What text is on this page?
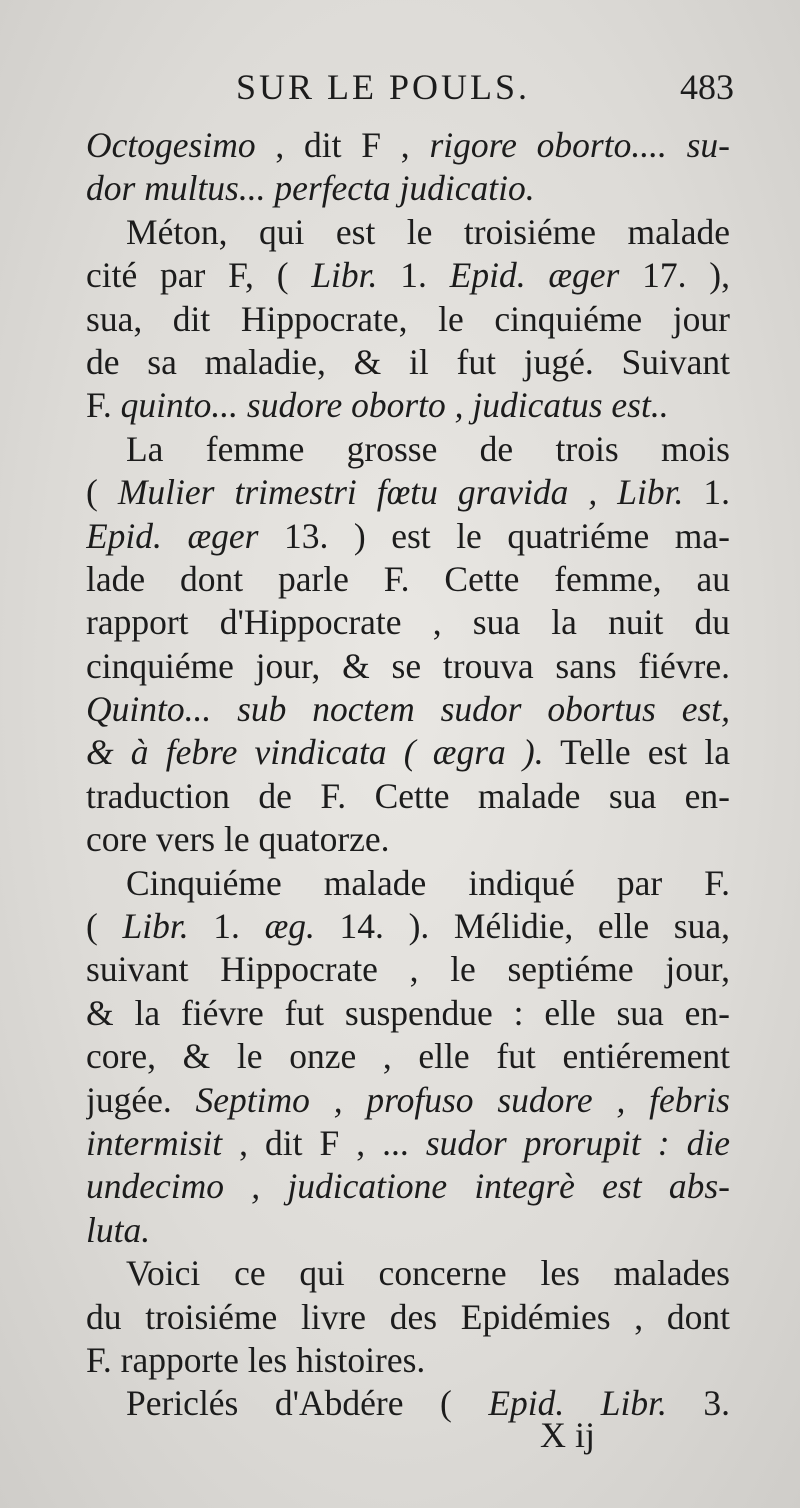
SUR LE POULS.	483
Octogesimo , dit F , rigore oborto.... su-
dor multus... perfecta judicatio.
Méton, qui est le troisiéme malade
cité par F, ( Libr. 1. Epid. æger 17. ),
sua, dit Hippocrate, le cinquiéme jour
de sa maladie, & il fut jugé. Suivant
F. quinto... sudore oborto , judicatus est..
La femme grosse de trois mois
( Mulier trimestri fœtu gravida , Libr. 1.
Epid. æger 13. ) est le quatriéme ma-
lade dont parle F. Cette femme, au
rapport d'Hippocrate , sua la nuit du
cinquiéme jour, & se trouva sans fiévre.
Quinto... sub noctem sudor obortus est,
& à febre vindicata ( ægra ). Telle est la
traduction de F. Cette malade sua en-
core vers le quatorze.
Cinquiéme malade indiqué par F.
( Libr. 1. æg. 14. ). Mélidie, elle sua,
suivant Hippocrate , le septiéme jour,
& la fiévre fut suspendue : elle sua en-
core, & le onze , elle fut entiérement
jugée. Septimo , profuso sudore , febris
intermisit , dit F , ... sudor prorupit : die
undecimo , judicatione integrè est abs-
luta.
Voici ce qui concerne les malades
du troisiéme livre des Epidémies , dont
F. rapporte les histoires.
Periclés d'Abdére ( Epid. Libr. 3.
X ij
